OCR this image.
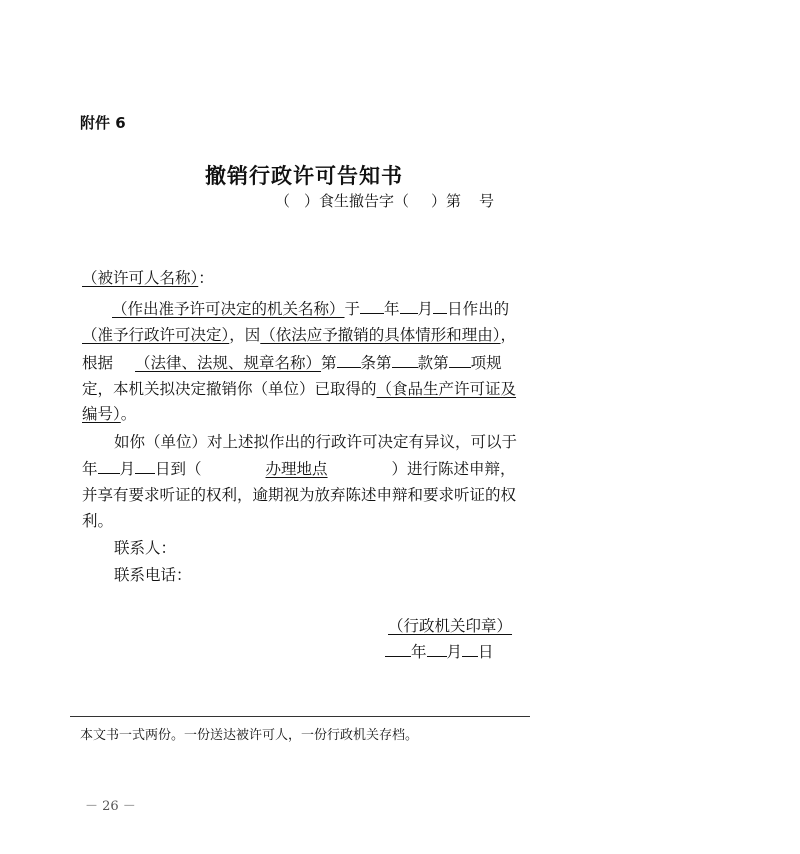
附件 6
撤销行政许可告知书
（ ）食生撤告字（ ）第 号
（被许可人名称）：
（作出准予许可决定的机关名称）于 年 月 日作出的
（准予行政许可决定），因（依法应予撤销的具体情形和理由），
根据 （法律、法规、规章名称）第 条第 款第 项规
定，本机关拟决定撤销你（单位）已取得的（食品生产许可证及
编号）。
如你（单位）对上述拟作出的行政许可决定有异议，可以于
年 月 日到（	办理地点	）进行陈述申辩，
并享有要求听证的权利，逾期视为放弃陈述申辩和要求听证的权
利。
联系人：
联系电话：
（行政机关印章）
年 月 日
本文书一式两份。一份送达被许可人，一份行政机关存档。
－ 26 －
